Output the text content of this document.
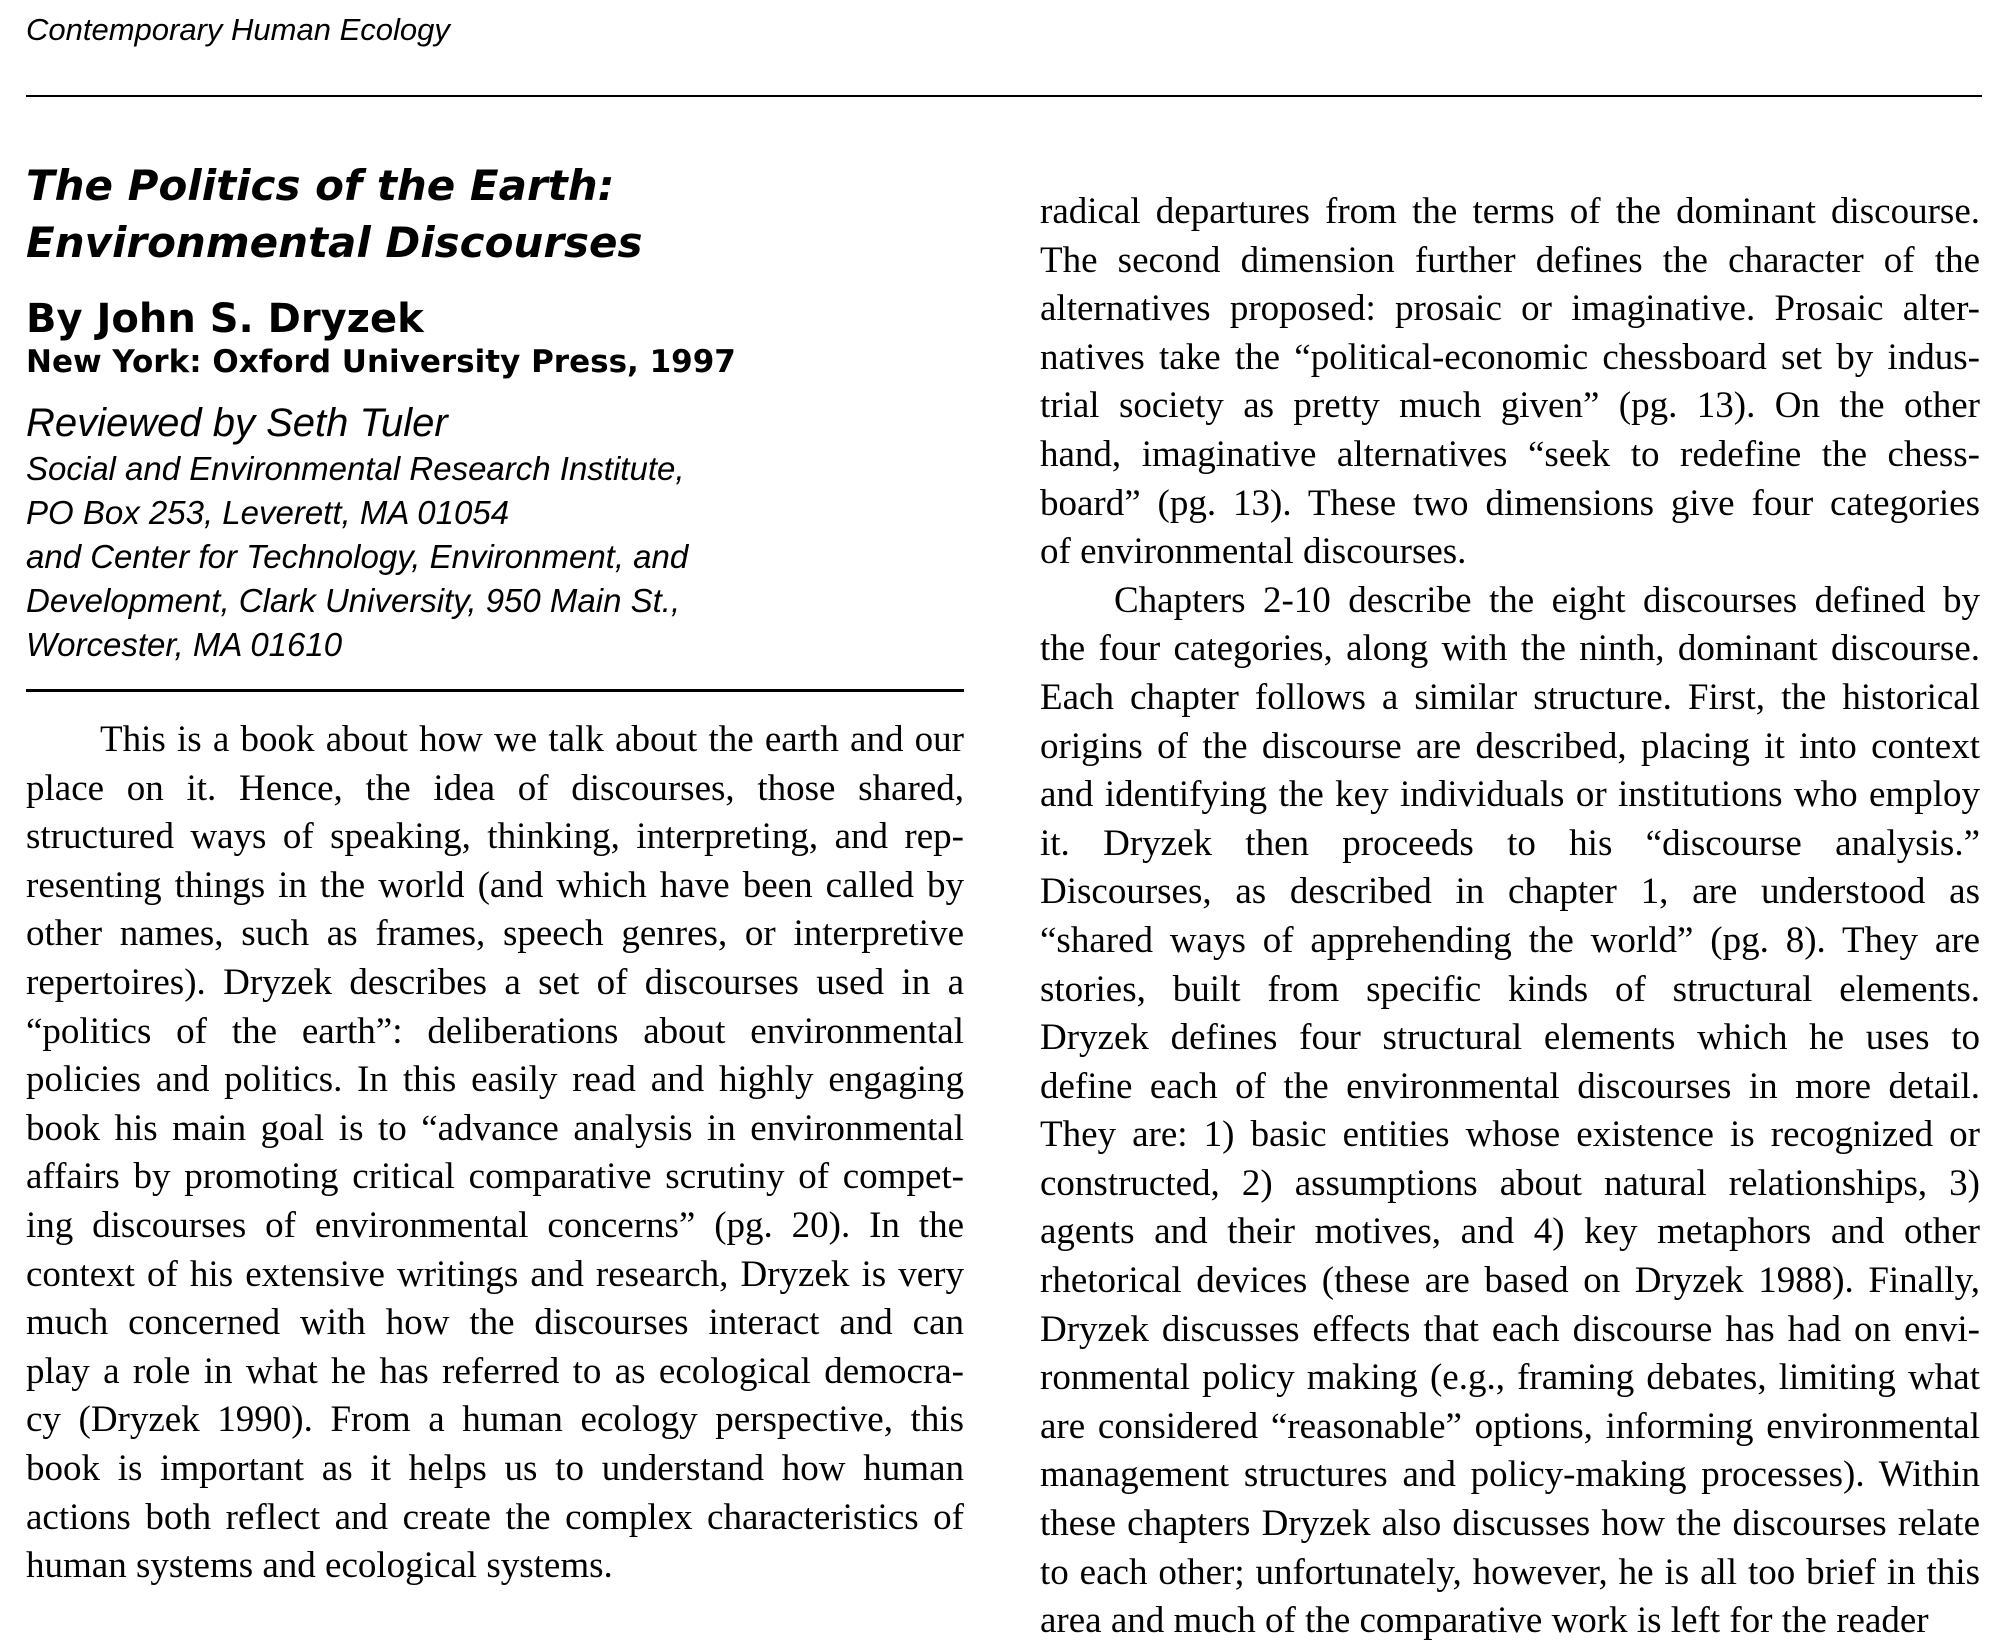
Contemporary Human Ecology
The Politics of the Earth:
Environmental Discourses
By John S. Dryzek
New York: Oxford University Press, 1997
Reviewed by Seth Tuler
Social and Environmental Research Institute,
PO Box 253, Leverett, MA 01054
and Center for Technology, Environment, and
Development, Clark University, 950 Main St.,
Worcester, MA 01610
This is a book about how we talk about the earth and our
place on it. Hence, the idea of discourses, those shared,
structured ways of speaking, thinking, interpreting, and rep-
resenting things in the world (and which have been called by
other names, such as frames, speech genres, or interpretive
repertoires). Dryzek describes a set of discourses used in a
“politics of the earth”: deliberations about environmental
policies and politics. In this easily read and highly engaging
book his main goal is to “advance analysis in environmental
affairs by promoting critical comparative scrutiny of compet-
ing discourses of environmental concerns” (pg. 20). In the
context of his extensive writings and research, Dryzek is very
much concerned with how the discourses interact and can
play a role in what he has referred to as ecological democra-
cy (Dryzek 1990). From a human ecology perspective, this
book is important as it helps us to understand how human
actions both reflect and create the complex characteristics of
human systems and ecological systems.
radical departures from the terms of the dominant discourse.
The second dimension further defines the character of the
alternatives proposed: prosaic or imaginative. Prosaic alter-
natives take the “political-economic chessboard set by indus-
trial society as pretty much given” (pg. 13). On the other
hand, imaginative alternatives “seek to redefine the chess-
board” (pg. 13). These two dimensions give four categories
of environmental discourses.
Chapters 2-10 describe the eight discourses defined by
the four categories, along with the ninth, dominant discourse.
Each chapter follows a similar structure. First, the historical
origins of the discourse are described, placing it into context
and identifying the key individuals or institutions who employ
it. Dryzek then proceeds to his “discourse analysis.”
Discourses, as described in chapter 1, are understood as
“shared ways of apprehending the world” (pg. 8). They are
stories, built from specific kinds of structural elements.
Dryzek defines four structural elements which he uses to
define each of the environmental discourses in more detail.
They are: 1) basic entities whose existence is recognized or
constructed, 2) assumptions about natural relationships, 3)
agents and their motives, and 4) key metaphors and other
rhetorical devices (these are based on Dryzek 1988). Finally,
Dryzek discusses effects that each discourse has had on envi-
ronmental policy making (e.g., framing debates, limiting what
are considered “reasonable” options, informing environmental
management structures and policy-making processes). Within
these chapters Dryzek also discusses how the discourses relate
to each other; unfortunately, however, he is all too brief in this
area and much of the comparative work is left for the reader
